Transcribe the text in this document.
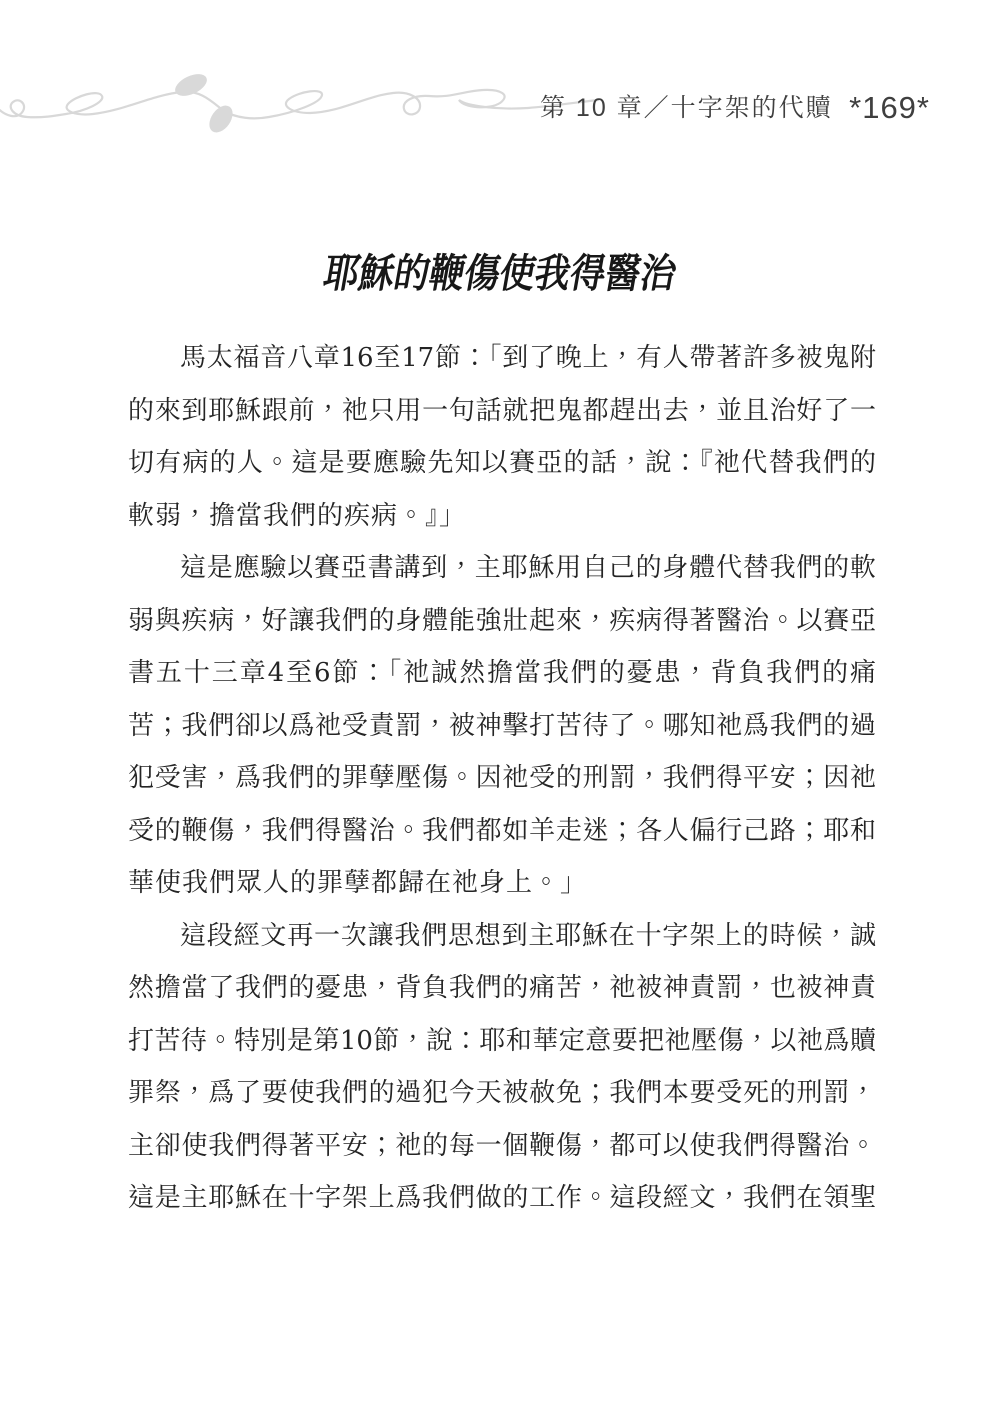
第 10 章／十字架的代贖 *169*
耶穌的鞭傷使我得醫治
馬太福音八章16至17節：「到了晚上，有人帶著許多被鬼附
的來到耶穌跟前，祂只用一句話就把鬼都趕出去，並且治好了一
切有病的人。這是要應驗先知以賽亞的話，說：『祂代替我們的
軟弱，擔當我們的疾病。』」
這是應驗以賽亞書講到，主耶穌用自己的身體代替我們的軟
弱與疾病，好讓我們的身體能強壯起來，疾病得著醫治。以賽亞
書五十三章4至6節：「祂誠然擔當我們的憂患，背負我們的痛
苦；我們卻以爲祂受責罰，被神擊打苦待了。哪知祂爲我們的過
犯受害，爲我們的罪孽壓傷。因祂受的刑罰，我們得平安；因祂
受的鞭傷，我們得醫治。我們都如羊走迷；各人偏行己路；耶和
華使我們眾人的罪孽都歸在祂身上。」
這段經文再一次讓我們思想到主耶穌在十字架上的時候，誠
然擔當了我們的憂患，背負我們的痛苦，祂被神責罰，也被神責
打苦待。特別是第10節，說：耶和華定意要把祂壓傷，以祂爲贖
罪祭，爲了要使我們的過犯今天被赦免；我們本要受死的刑罰，
主卻使我們得著平安；祂的每一個鞭傷，都可以使我們得醫治。
這是主耶穌在十字架上爲我們做的工作。這段經文，我們在領聖
